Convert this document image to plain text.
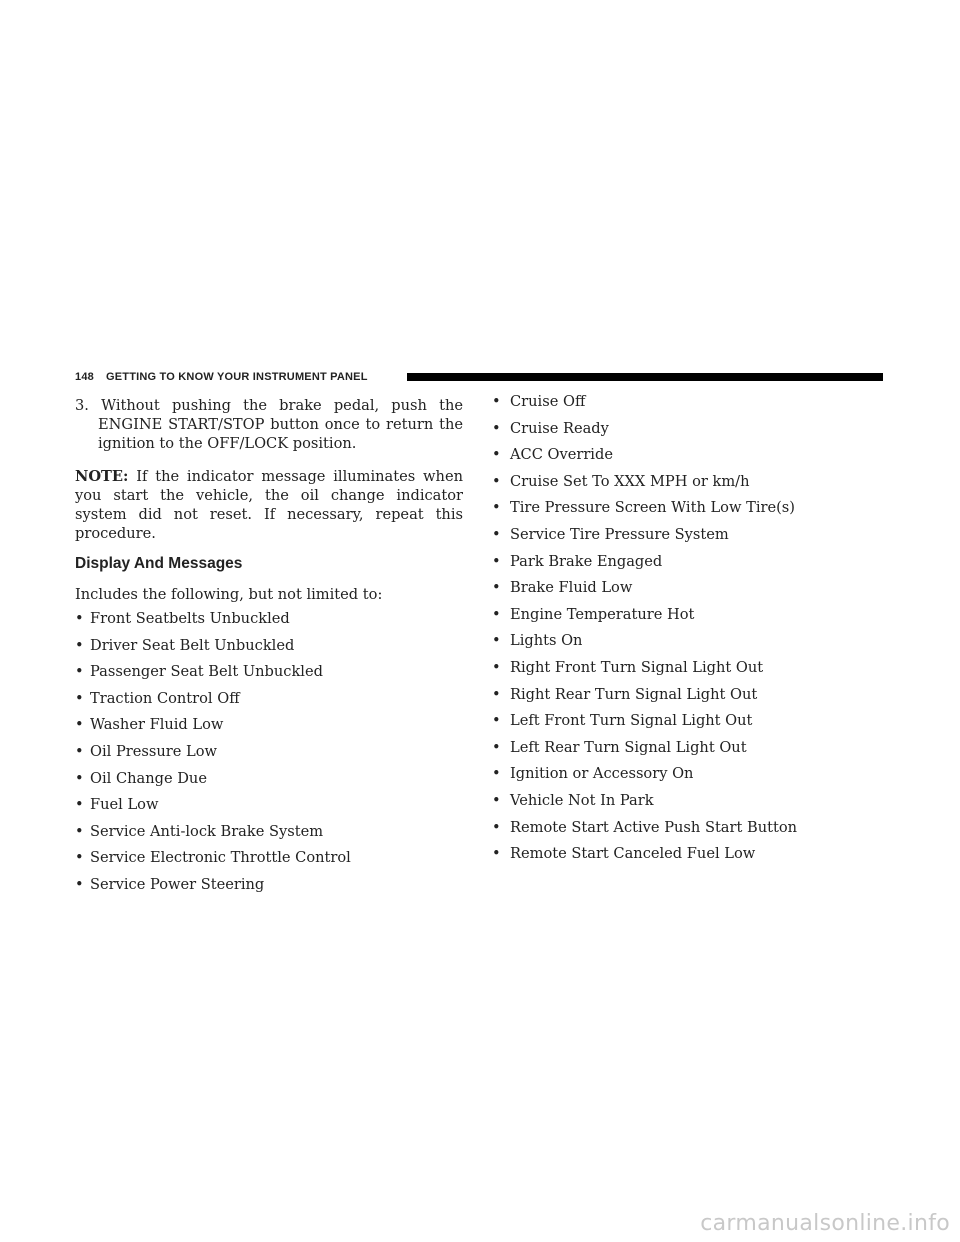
148 GETTING TO KNOW YOUR INSTRUMENT PANEL

3. Without pushing the brake pedal, push the ENGINE START/STOP button once to return the ignition to the OFF/LOCK position.

NOTE: If the indicator message illuminates when you start the vehicle, the oil change indicator system did not reset. If necessary, repeat this procedure.

Display And Messages

Includes the following, but not limited to:

• Front Seatbelts Unbuckled
• Driver Seat Belt Unbuckled
• Passenger Seat Belt Unbuckled
• Traction Control Off
• Washer Fluid Low
• Oil Pressure Low
• Oil Change Due
• Fuel Low
• Service Anti-lock Brake System
• Service Electronic Throttle Control
• Service Power Steering
• Cruise Off
• Cruise Ready
• ACC Override
• Cruise Set To XXX MPH or km/h
• Tire Pressure Screen With Low Tire(s)
• Service Tire Pressure System
• Park Brake Engaged
• Brake Fluid Low
• Engine Temperature Hot
• Lights On
• Right Front Turn Signal Light Out
• Right Rear Turn Signal Light Out
• Left Front Turn Signal Light Out
• Left Rear Turn Signal Light Out
• Ignition or Accessory On
• Vehicle Not In Park
• Remote Start Active Push Start Button
• Remote Start Canceled Fuel Low
carmanualsonline.info
